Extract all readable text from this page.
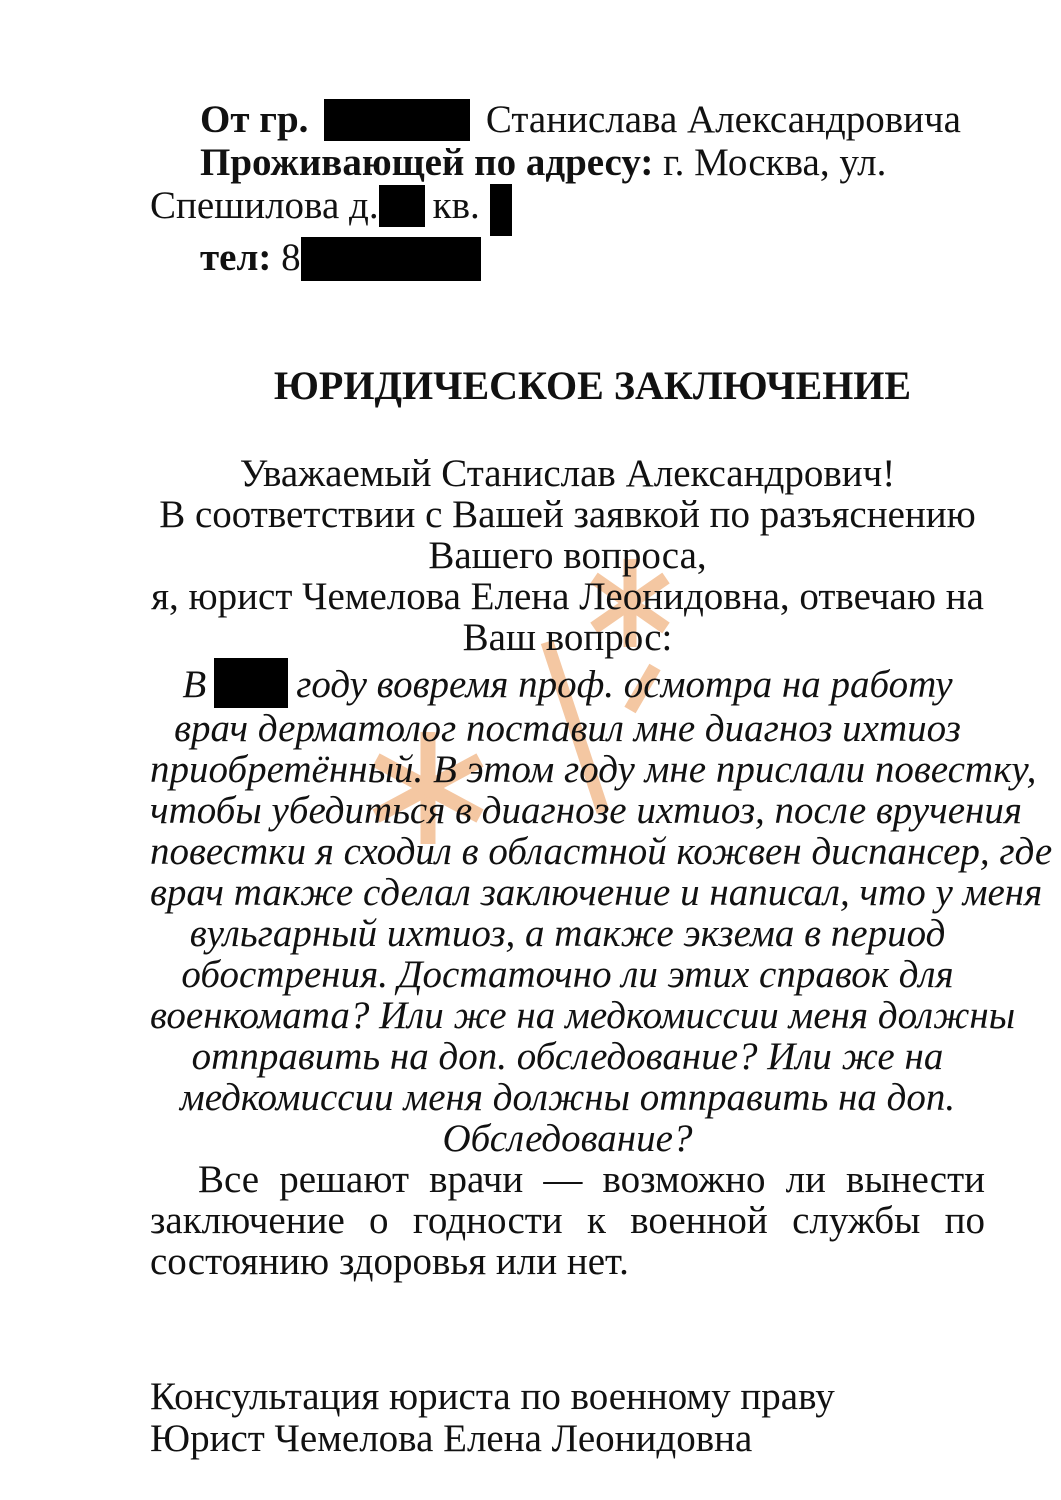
От гр.	Станислава Александровича
Проживающей по адресу: г. Москва, ул.
Спешилова д. кв.
тел: 8
ЮРИДИЧЕСКОЕ ЗАКЛЮЧЕНИЕ
Уважаемый Станислав Александрович!
В соответствии с Вашей заявкой по разъяснению
Вашего вопроса,
я, юрист Чемелова Елена Леонидовна, отвечаю на
Ваш вопрос:
В году вовремя проф. осмотра на работу
врач дерматолог поставил мне диагноз ихтиоз
приобретённый. В этом году мне прислали повестку,
чтобы убедиться в диагнозе ихтиоз, после вручения
повестки я сходил в областной кожвен диспансер, где
врач также сделал заключение и написал, что у меня
вульгарный ихтиоз, а также экзема в период
обострения. Достаточно ли этих справок для
военкомата? Или же на медкомиссии меня должны
отправить на доп. обследование? Или же на
медкомиссии меня должны отправить на доп.
Обследование?
Все решают врачи — возможно ли вынести
заключение о годности к военной службы по
состоянию здоровья или нет.
Консультация юриста по военному праву
Юрист Чемелова Елена Леонидовна
